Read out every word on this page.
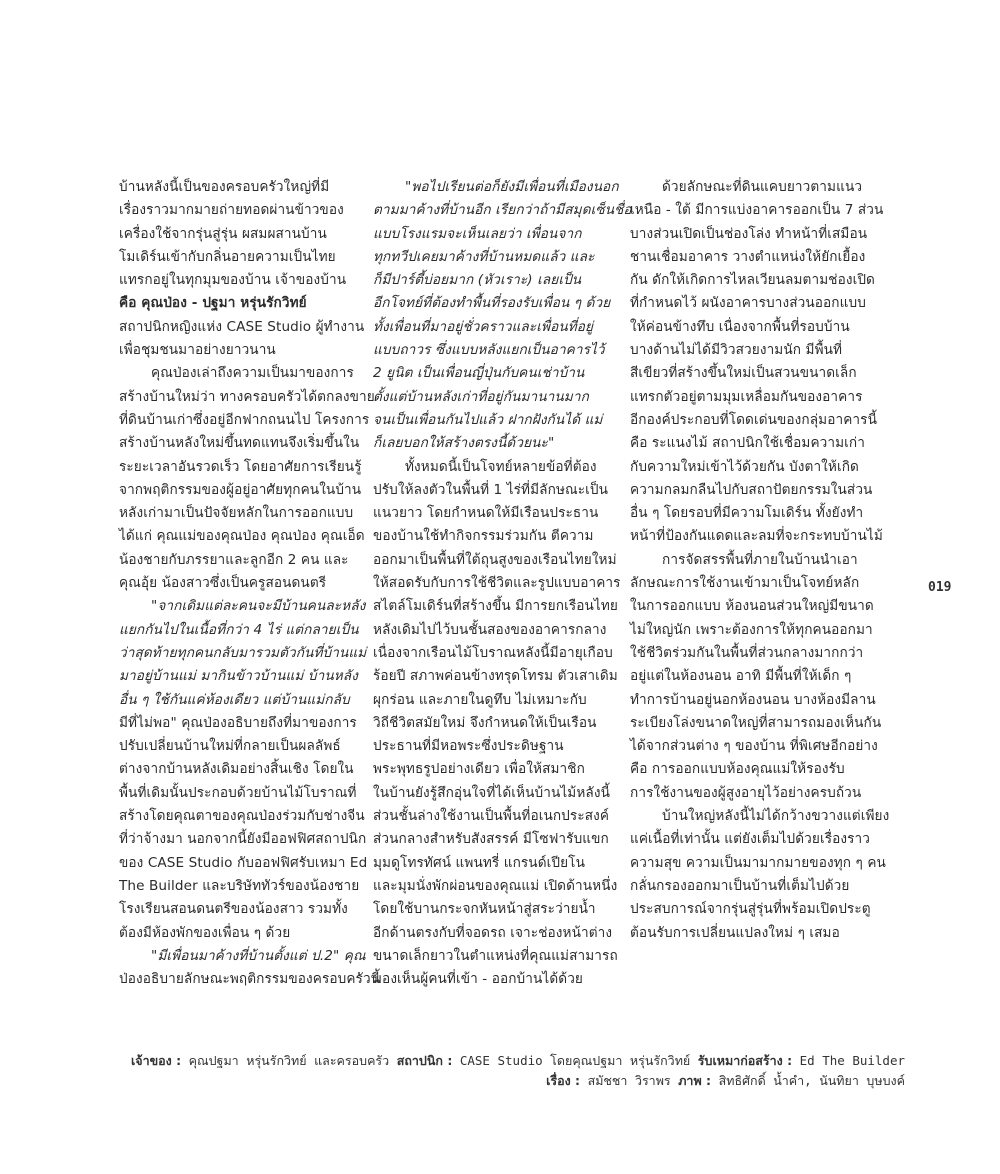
บ้านหลังนี้เป็นของครอบครัวใหญ่ที่มี
เรื่องราวมากมายถ่ายทอดผ่านข้าวของ
เครื่องใช้จากรุ่นสู่รุ่น ผสมผสานบ้าน
โมเดิร์นเข้ากับกลิ่นอายความเป็นไทย
แทรกอยู่ในทุกมุมของบ้าน เจ้าของบ้าน
คือ คุณป่อง - ปฐมา หรุ่นรักวิทย์
สถาปนิกหญิงแห่ง CASE Studio ผู้ทำงาน
เพื่อชุมชนมาอย่างยาวนาน
คุณป่องเล่าถึงความเป็นมาของการ
สร้างบ้านใหม่ว่า ทางครอบครัวได้ตกลงขาย
ที่ดินบ้านเก่าซึ่งอยู่อีกฟากถนนไป โครงการ
สร้างบ้านหลังใหม่ขึ้นทดแทนจึงเริ่มขึ้นใน
ระยะเวลาอันรวดเร็ว โดยอาศัยการเรียนรู้
จากพฤติกรรมของผู้อยู่อาศัยทุกคนในบ้าน
หลังเก่ามาเป็นปัจจัยหลักในการออกแบบ
ได้แก่ คุณแม่ของคุณป่อง คุณป่อง คุณเอ็ด
น้องชายกับภรรยาและลูกอีก 2 คน และ
คุณอุ้ย น้องสาวซึ่งเป็นครูสอนดนตรี
"จากเดิมแต่ละคนจะมีบ้านคนละหลัง
แยกกันไปในเนื้อที่กว่า 4 ไร่ แต่กลายเป็น
ว่าสุดท้ายทุกคนกลับมารวมตัวกันที่บ้านแม่
มาอยู่บ้านแม่ มากินข้าวบ้านแม่ บ้านหลัง
อื่น ๆ ใช้กันแค่ห้องเดียว แต่บ้านแม่กลับ
มีที่ไม่พอ" คุณป่องอธิบายถึงที่มาของการ
ปรับเปลี่ยนบ้านใหม่ที่กลายเป็นผลลัพธ์
ต่างจากบ้านหลังเดิมอย่างสิ้นเชิง โดยใน
พื้นที่เดิมนั้นประกอบด้วยบ้านไม้โบราณที่
สร้างโดยคุณตาของคุณป่องร่วมกับช่างจีน
ที่ว่าจ้างมา นอกจากนี้ยังมีออฟฟิศสถาปนิก
ของ CASE Studio กับออฟฟิศรับเหมา Ed
The Builder และบริษัททัวร์ของน้องชาย
โรงเรียนสอนดนตรีของน้องสาว รวมทั้ง
ต้องมีห้องพักของเพื่อน ๆ ด้วย
"มีเพื่อนมาค้างที่บ้านตั้งแต่ ป.2" คุณ
ป่องอธิบายลักษณะพฤติกรรมของครอบครัวนี้
"พอไปเรียนต่อก็ยังมีเพื่อนที่เมืองนอก
ตามมาค้างที่บ้านอีก เรียกว่าถ้ามีสมุดเซ็นชื่อ
แบบโรงแรมจะเห็นเลยว่า เพื่อนจาก
ทุกทวีปเคยมาค้างที่บ้านหมดแล้ว และ
ก็มีปาร์ตี้บ่อยมาก (หัวเราะ) เลยเป็น
อีกโจทย์ที่ต้องทำพื้นที่รองรับเพื่อน ๆ ด้วย
ทั้งเพื่อนที่มาอยู่ชั่วคราวและเพื่อนที่อยู่
แบบถาวร ซึ่งแบบหลังแยกเป็นอาคารไว้
2 ยูนิต เป็นเพื่อนญี่ปุ่นกับคนเช่าบ้าน
ตั้งแต่บ้านหลังเก่าที่อยู่กันมานานมาก
จนเป็นเพื่อนกันไปแล้ว ฝากฝังกันได้ แม่
ก็เลยบอกให้สร้างตรงนี้ด้วยนะ"
ทั้งหมดนี้เป็นโจทย์หลายข้อที่ต้อง
ปรับให้ลงตัวในพื้นที่ 1 ไร่ที่มีลักษณะเป็น
แนวยาว โดยกำหนดให้มีเรือนประธาน
ของบ้านใช้ทำกิจกรรมร่วมกัน ตีความ
ออกมาเป็นพื้นที่ใต้ถุนสูงของเรือนไทยใหม่
ให้สอดรับกับการใช้ชีวิตและรูปแบบอาคาร
สไตล์โมเดิร์นที่สร้างขึ้น มีการยกเรือนไทย
หลังเดิมไปไว้บนชั้นสองของอาคารกลาง
เนื่องจากเรือนไม้โบราณหลังนี้มีอายุเกือบ
ร้อยปี สภาพค่อนข้างทรุดโทรม ตัวเสาเดิม
ผุกร่อน และภายในดูทึบ ไม่เหมาะกับ
วิถีชีวิตสมัยใหม่ จึงกำหนดให้เป็นเรือน
ประธานที่มีหอพระซึ่งประดิษฐาน
พระพุทธรูปอย่างเดียว เพื่อให้สมาชิก
ในบ้านยังรู้สึกอุ่นใจที่ได้เห็นบ้านไม้หลังนี้
ส่วนชั้นล่างใช้งานเป็นพื้นที่อเนกประสงค์
ส่วนกลางสำหรับสังสรรค์ มีโซฟารับแขก
มุมดูโทรทัศน์ แพนทรี่ แกรนด์เปียโน
และมุมนั่งพักผ่อนของคุณแม่ เปิดด้านหนึ่ง
โดยใช้บานกระจกหันหน้าสู่สระว่ายน้ำ
อีกด้านตรงกับที่จอดรถ เจาะช่องหน้าต่าง
ขนาดเล็กยาวในตำแหน่งที่คุณแม่สามารถ
มองเห็นผู้คนที่เข้า - ออกบ้านได้ด้วย
ด้วยลักษณะที่ดินแคบยาวตามแนว
เหนือ - ใต้ มีการแบ่งอาคารออกเป็น 7 ส่วน
บางส่วนเปิดเป็นช่องโล่ง ทำหน้าที่เสมือน
ชานเชื่อมอาคาร วางตำแหน่งให้ยักเยื้อง
กัน ดักให้เกิดการไหลเวียนลมตามช่องเปิด
ที่กำหนดไว้ ผนังอาคารบางส่วนออกแบบ
ให้ค่อนข้างทึบ เนื่องจากพื้นที่รอบบ้าน
บางด้านไม่ได้มีวิวสวยงามนัก มีพื้นที่
สีเขียวที่สร้างขึ้นใหม่เป็นสวนขนาดเล็ก
แทรกตัวอยู่ตามมุมเหลื่อมกันของอาคาร
อีกองค์ประกอบที่โดดเด่นของกลุ่มอาคารนี้
คือ ระแนงไม้ สถาปนิกใช้เชื่อมความเก่า
กับความใหม่เข้าไว้ด้วยกัน บังตาให้เกิด
ความกลมกลืนไปกับสถาปัตยกรรมในส่วน
อื่น ๆ โดยรอบที่มีความโมเดิร์น ทั้งยังทำ
หน้าที่ป้องกันแดดและลมที่จะกระทบบ้านไม้
การจัดสรรพื้นที่ภายในบ้านนำเอา
ลักษณะการใช้งานเข้ามาเป็นโจทย์หลัก
ในการออกแบบ ห้องนอนส่วนใหญ่มีขนาด
ไม่ใหญ่นัก เพราะต้องการให้ทุกคนออกมา
ใช้ชีวิตร่วมกันในพื้นที่ส่วนกลางมากกว่า
อยู่แต่ในห้องนอน อาทิ มีพื้นที่ให้เด็ก ๆ
ทำการบ้านอยู่นอกห้องนอน บางห้องมีลาน
ระเบียงโล่งขนาดใหญ่ที่สามารถมองเห็นกัน
ได้จากส่วนต่าง ๆ ของบ้าน ที่พิเศษอีกอย่าง
คือ การออกแบบห้องคุณแม่ให้รองรับ
การใช้งานของผู้สูงอายุไว้อย่างครบถ้วน
บ้านใหญ่หลังนี้ไม่ได้กว้างขวางแต่เพียง
แค่เนื้อที่เท่านั้น แต่ยังเต็มไปด้วยเรื่องราว
ความสุข ความเป็นมามากมายของทุก ๆ คน
กลั่นกรองออกมาเป็นบ้านที่เต็มไปด้วย
ประสบการณ์จากรุ่นสู่รุ่นที่พร้อมเปิดประตู
ต้อนรับการเปลี่ยนแปลงใหม่ ๆ เสมอ
019
เจ้าของ : คุณปฐมา หรุ่นรักวิทย์ และครอบครัว สถาปนิก : CASE Studio โดยคุณปฐมา หรุ่นรักวิทย์ รับเหมาก่อสร้าง : Ed The Builder
เรื่อง : สมัชชา วิราพร ภาพ : สิทธิศักดิ์ น้ำคำ, นันทิยา บุษบงค์
